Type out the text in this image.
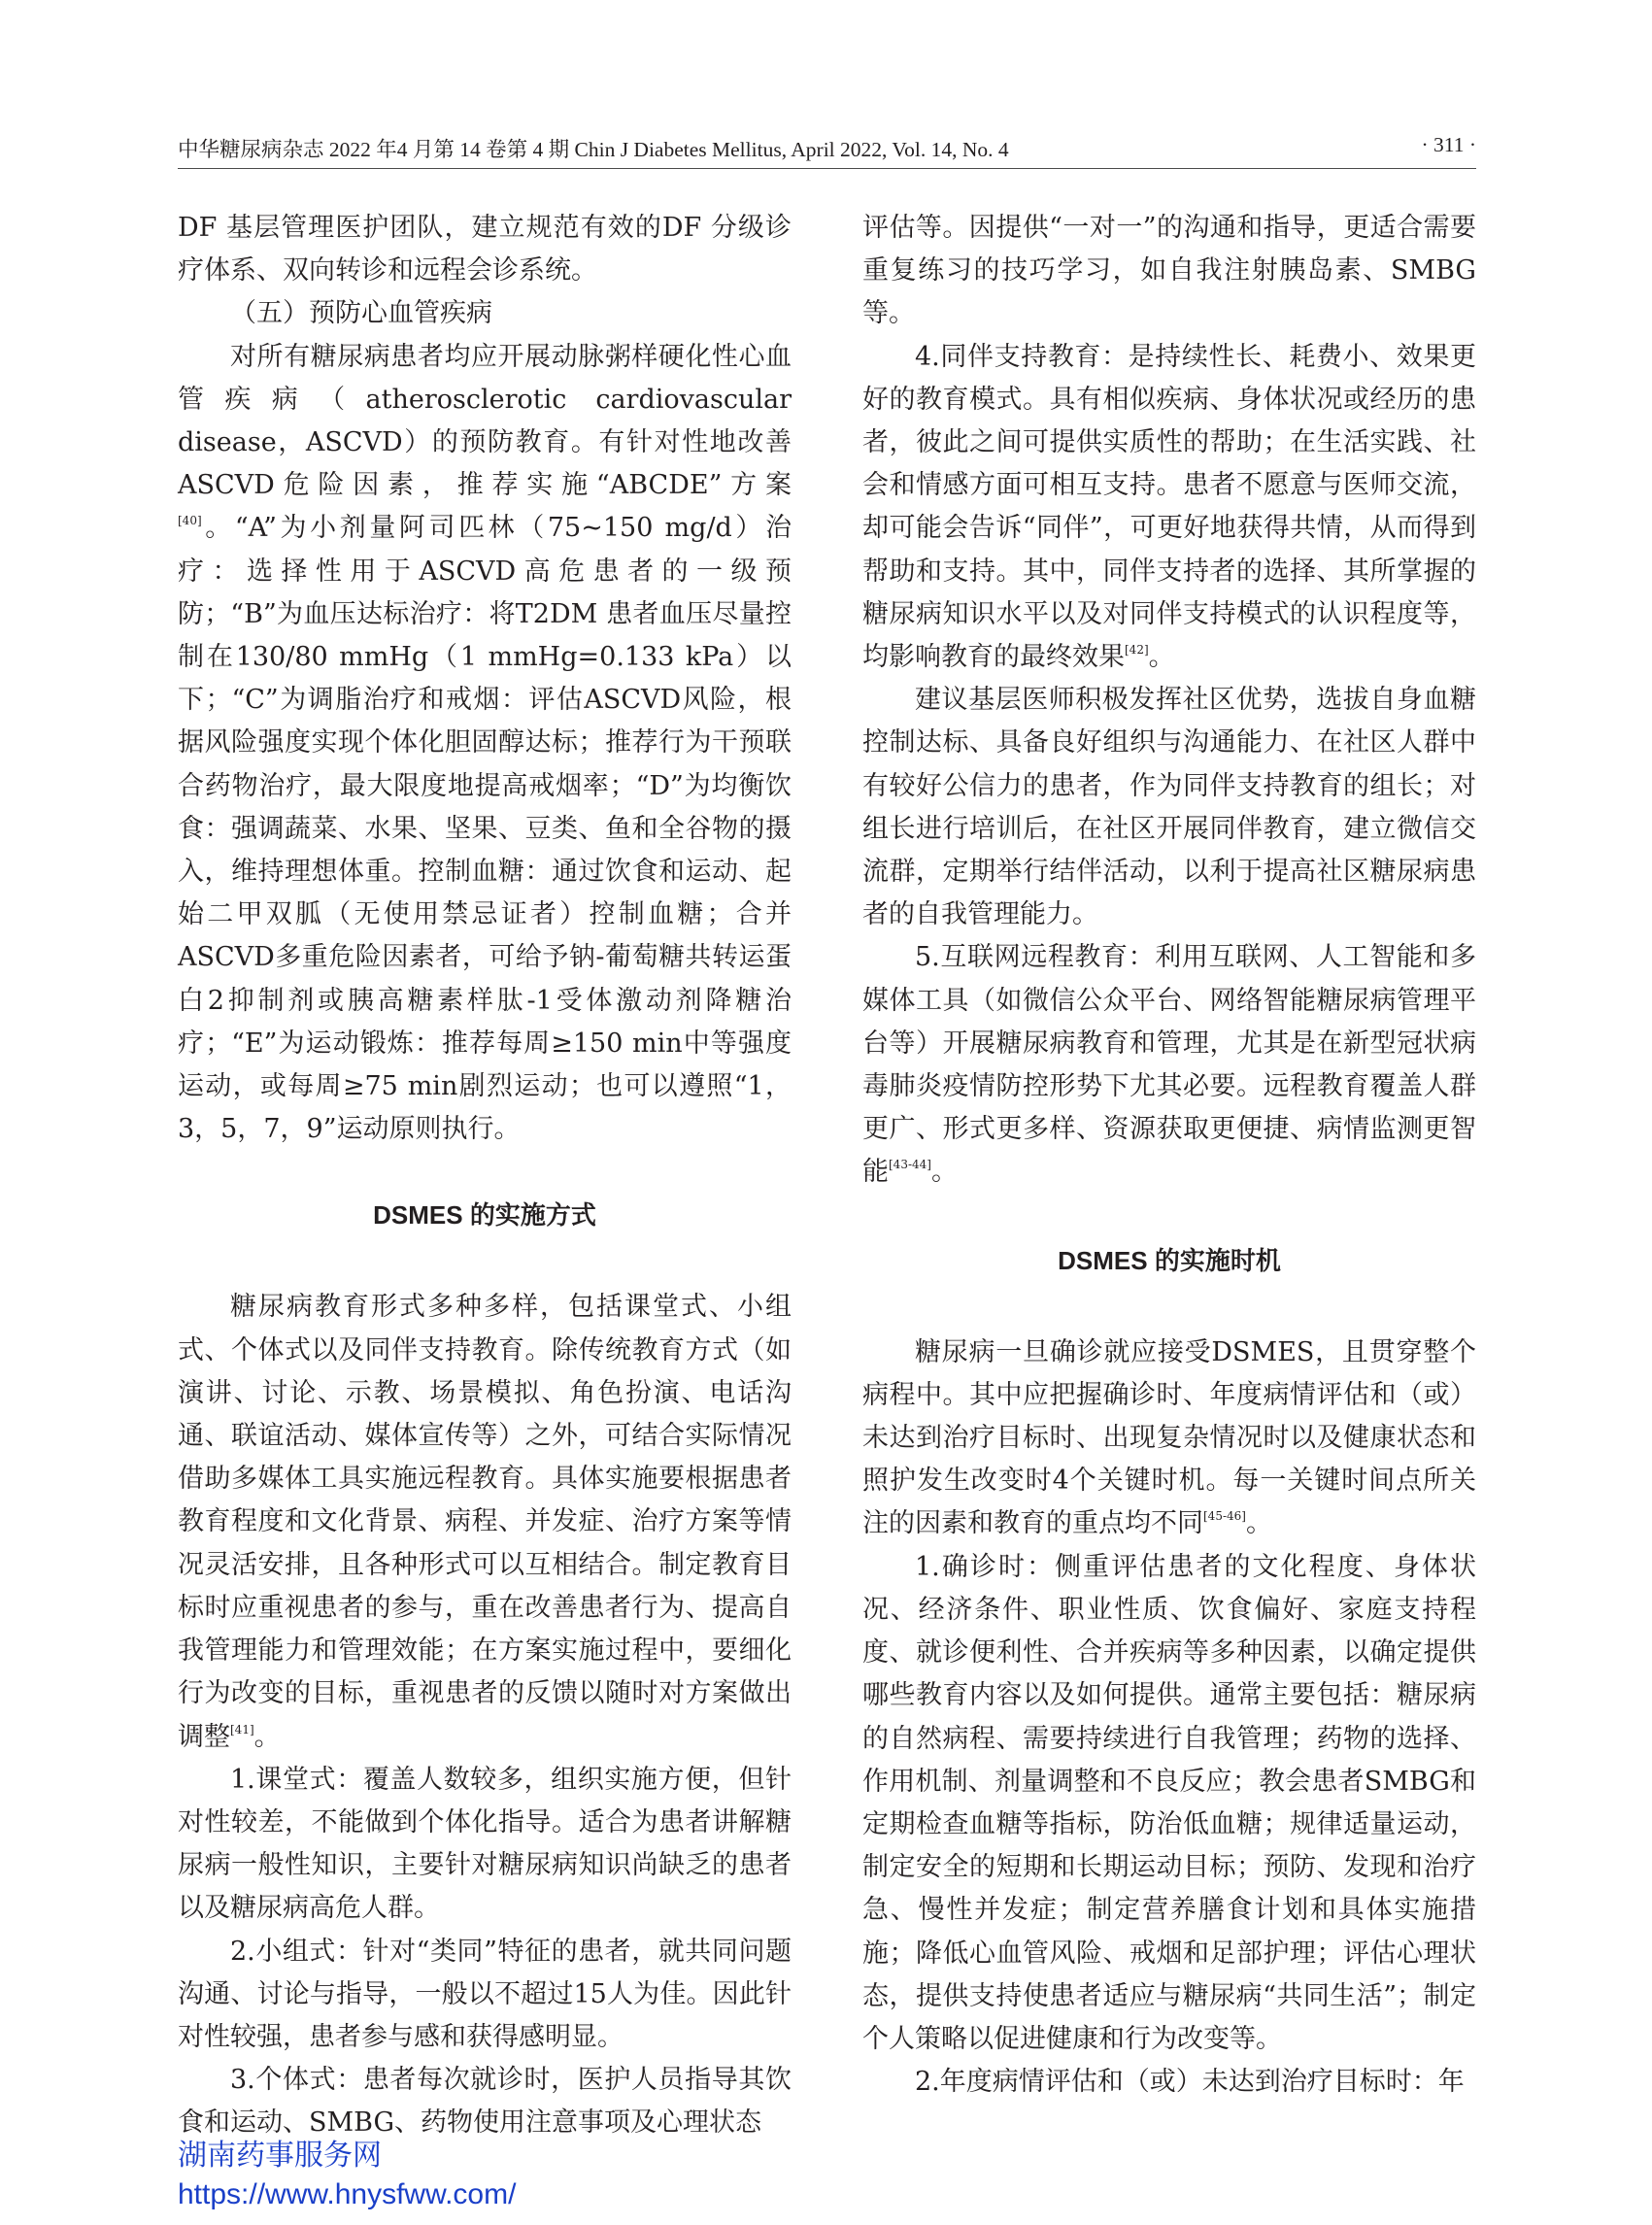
中华糖尿病杂志 2022 年4 月第 14 卷第 4 期 Chin J Diabetes Mellitus, April 2022, Vol. 14, No. 4	· 311 ·

DF 基层管理医护团队，建立规范有效的DF 分级诊疗体系、双向转诊和远程会诊系统。

（五）预防心血管疾病

对所有糖尿病患者均应开展动脉粥样硬化性心血管疾病（atherosclerotic cardiovascular disease，ASCVD）的预防教育。有针对性地改善ASCVD危险因素，推荐实施“ABCDE”方案[40]。“A”为小剂量阿司匹林（75~150 mg/d）治疗：选择性用于ASCVD高危患者的一级预防；“B”为血压达标治疗：将T2DM 患者血压尽量控制在130/80 mmHg（1 mmHg=0.133 kPa）以下；“C”为调脂治疗和戒烟：评估ASCVD风险，根据风险强度实现个体化胆固醇达标；推荐行为干预联合药物治疗，最大限度地提高戒烟率；“D”为均衡饮食：强调蔬菜、水果、坚果、豆类、鱼和全谷物的摄入，维持理想体重。控制血糖：通过饮食和运动、起始二甲双胍（无使用禁忌证者）控制血糖；合并ASCVD多重危险因素者，可给予钠-葡萄糖共转运蛋白2抑制剂或胰高糖素样肽-1受体激动剂降糖治疗；“E”为运动锻炼：推荐每周≥150 min中等强度运动，或每周≥75 min剧烈运动；也可以遵照“1，3，5，7，9”运动原则执行。

DSMES 的实施方式

糖尿病教育形式多种多样，包括课堂式、小组式、个体式以及同伴支持教育。除传统教育方式（如演讲、讨论、示教、场景模拟、角色扮演、电话沟通、联谊活动、媒体宣传等）之外，可结合实际情况借助多媒体工具实施远程教育。具体实施要根据患者教育程度和文化背景、病程、并发症、治疗方案等情况灵活安排，且各种形式可以互相结合。制定教育目标时应重视患者的参与，重在改善患者行为、提高自我管理能力和管理效能；在方案实施过程中，要细化行为改变的目标，重视患者的反馈以随时对方案做出调整[41]。

1.课堂式：覆盖人数较多，组织实施方便，但针对性较差，不能做到个体化指导。适合为患者讲解糖尿病一般性知识，主要针对糖尿病知识尚缺乏的患者以及糖尿病高危人群。

2.小组式：针对“类同”特征的患者，就共同问题沟通、讨论与指导，一般以不超过15人为佳。因此针对性较强，患者参与感和获得感明显。

3.个体式：患者每次就诊时，医护人员指导其饮食和运动、SMBG、药物使用注意事项及心理状态

评估等。因提供“一对一”的沟通和指导，更适合需要重复练习的技巧学习，如自我注射胰岛素、SMBG等。

4.同伴支持教育：是持续性长、耗费小、效果更好的教育模式。具有相似疾病、身体状况或经历的患者，彼此之间可提供实质性的帮助；在生活实践、社会和情感方面可相互支持。患者不愿意与医师交流，却可能会告诉“同伴”，可更好地获得共情，从而得到帮助和支持。其中，同伴支持者的选择、其所掌握的糖尿病知识水平以及对同伴支持模式的认识程度等，均影响教育的最终效果[42]。

建议基层医师积极发挥社区优势，选拔自身血糖控制达标、具备良好组织与沟通能力、在社区人群中有较好公信力的患者，作为同伴支持教育的组长；对组长进行培训后，在社区开展同伴教育，建立微信交流群，定期举行结伴活动，以利于提高社区糖尿病患者的自我管理能力。

5.互联网远程教育：利用互联网、人工智能和多媒体工具（如微信公众平台、网络智能糖尿病管理平台等）开展糖尿病教育和管理，尤其是在新型冠状病毒肺炎疫情防控形势下尤其必要。远程教育覆盖人群更广、形式更多样、资源获取更便捷、病情监测更智能[43-44]。

DSMES 的实施时机

糖尿病一旦确诊就应接受DSMES，且贯穿整个病程中。其中应把握确诊时、年度病情评估和（或）未达到治疗目标时、出现复杂情况时以及健康状态和照护发生改变时4个关键时机。每一关键时间点所关注的因素和教育的重点均不同[45-46]。

1.确诊时：侧重评估患者的文化程度、身体状况、经济条件、职业性质、饮食偏好、家庭支持程度、就诊便利性、合并疾病等多种因素，以确定提供哪些教育内容以及如何提供。通常主要包括：糖尿病的自然病程、需要持续进行自我管理；药物的选择、作用机制、剂量调整和不良反应；教会患者SMBG和定期检查血糖等指标，防治低血糖；规律适量运动，制定安全的短期和长期运动目标；预防、发现和治疗急、慢性并发症；制定营养膳食计划和具体实施措施；降低心血管风险、戒烟和足部护理；评估心理状态，提供支持使患者适应与糖尿病“共同生活”；制定个人策略以促进健康和行为改变等。

2.年度病情评估和（或）未达到治疗目标时：年

湖南药事服务网
https://www.hnysfww.com/
